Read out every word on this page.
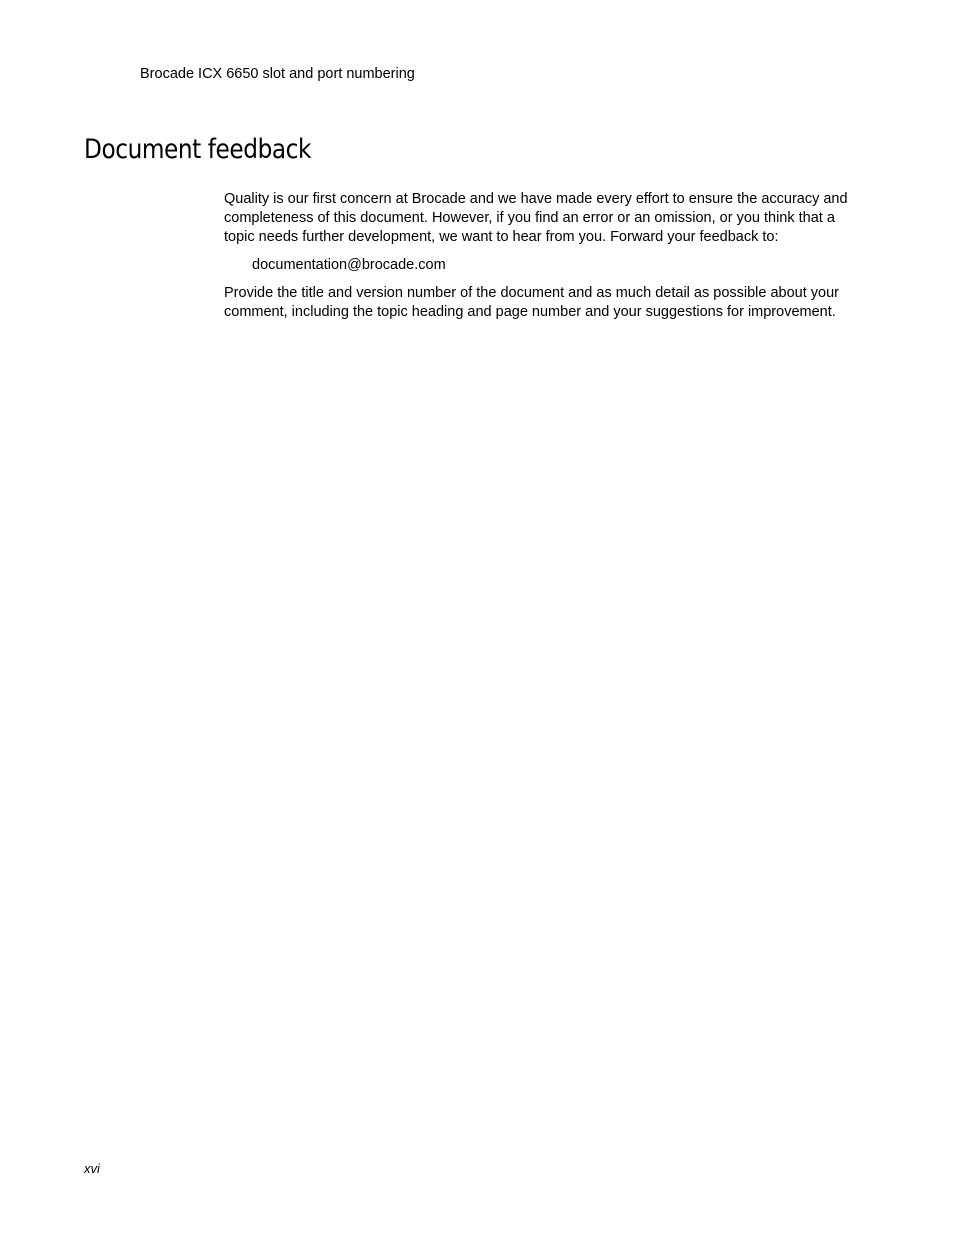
Brocade ICX 6650 slot and port numbering
Document feedback

Quality is our first concern at Brocade and we have made every effort to ensure the accuracy and completeness of this document. However, if you find an error or an omission, or you think that a topic needs further development, we want to hear from you. Forward your feedback to:

documentation@brocade.com

Provide the title and version number of the document and as much detail as possible about your comment, including the topic heading and page number and your suggestions for improvement.

xvi
